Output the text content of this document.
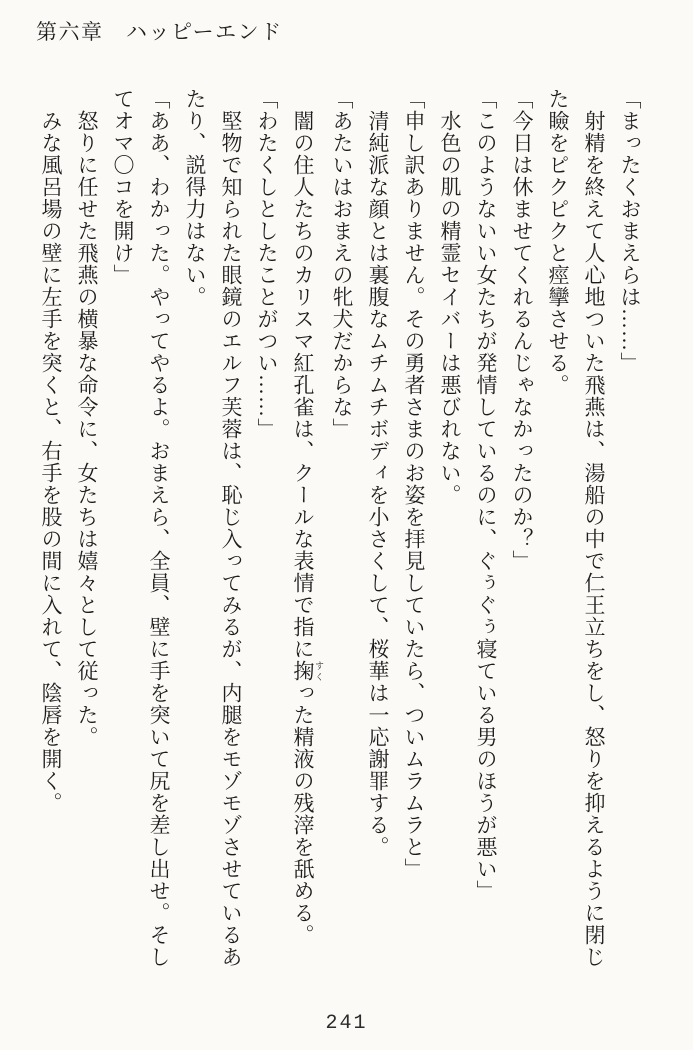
第六章　ハッピーエンド

「まったくおまえらは……」

射精を終えて人心地ついた飛燕は、湯船の中で仁王立ちをし、怒りを抑えるように閉じた瞼をピクピクと痙攣させる。

「今日は休ませてくれるんじゃなかったのか？」

「このようないい女たちが発情しているのに、ぐぅぐぅ寝ている男のほうが悪い」

水色の肌の精霊セイバーは悪びれない。

「申し訳ありません。その勇者さまのお姿を拝見していたら、ついムラムラと」

清純派な顔とは裏腹なムチムチボディを小さくして、桜華は一応謝罪する。

「あたいはおまえの牝犬だからな」

闇の住人たちのカリスマ紅孔雀は、クールな表情で指に掬 すくった精液の残滓を舐める。

「わたくしとしたことがつい……」

堅物で知られた眼鏡のエルフ芙蓉は、恥じ入ってみるが、内腿をモゾモゾさせているあたり、説得力はない。

「ああ、わかった。やってやるよ。おまえら、全員、壁に手を突いて尻を差し出せ。そしてオマ〇コを開け」

怒りに任せた飛燕の横暴な命令に、女たちは嬉々として従った。

みな風呂場の壁に左手を突くと、右手を股の間に入れて、陰唇を開く。

241
